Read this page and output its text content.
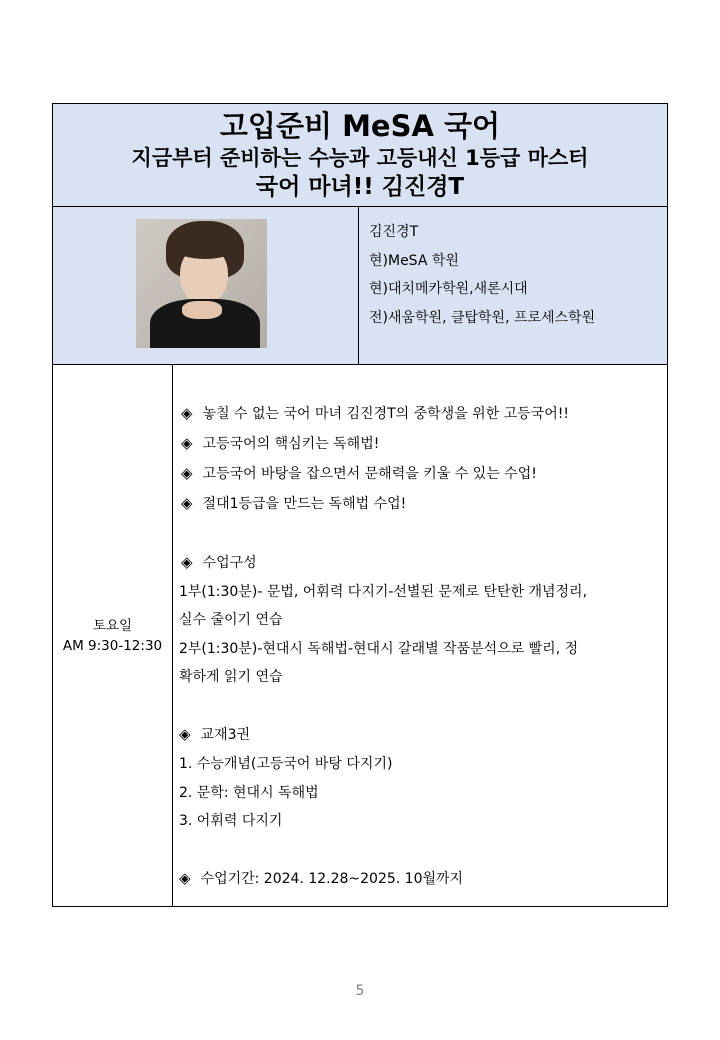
고입준비 MeSA 국어
지금부터 준비하는 수능과 고등내신 1등급 마스터
국어 마녀!! 김진경T
김진경T
현)MeSA 학원
현)대치메카학원,새론시대
전)새움학원, 클탑학원, 프로세스학원
토요일
AM 9:30-12:30
◈ 놓칠 수 없는 국어 마녀 김진경T의 중학생을 위한 고등국어!!
◈ 고등국어의 핵심키는 독해법!
◈ 고등국어 바탕을 잡으면서 문해력을 키울 수 있는 수업!
◈ 절대1등급을 만드는 독해법 수업!
◈ 수업구성
1부(1:30분)- 문법, 어휘력 다지기-선별된 문제로 탄탄한 개념정리,
실수 줄이기 연습
2부(1:30분)-현대시 독해법-현대시 갈래별 작품분석으로 빨리, 정
확하게 읽기 연습
◈ 교재3권
1. 수능개념(고등국어 바탕 다지기)
2. 문학: 현대시 독해법
3. 어휘력 다지기
◈ 수업기간: 2024. 12.28~2025. 10월까지
5
